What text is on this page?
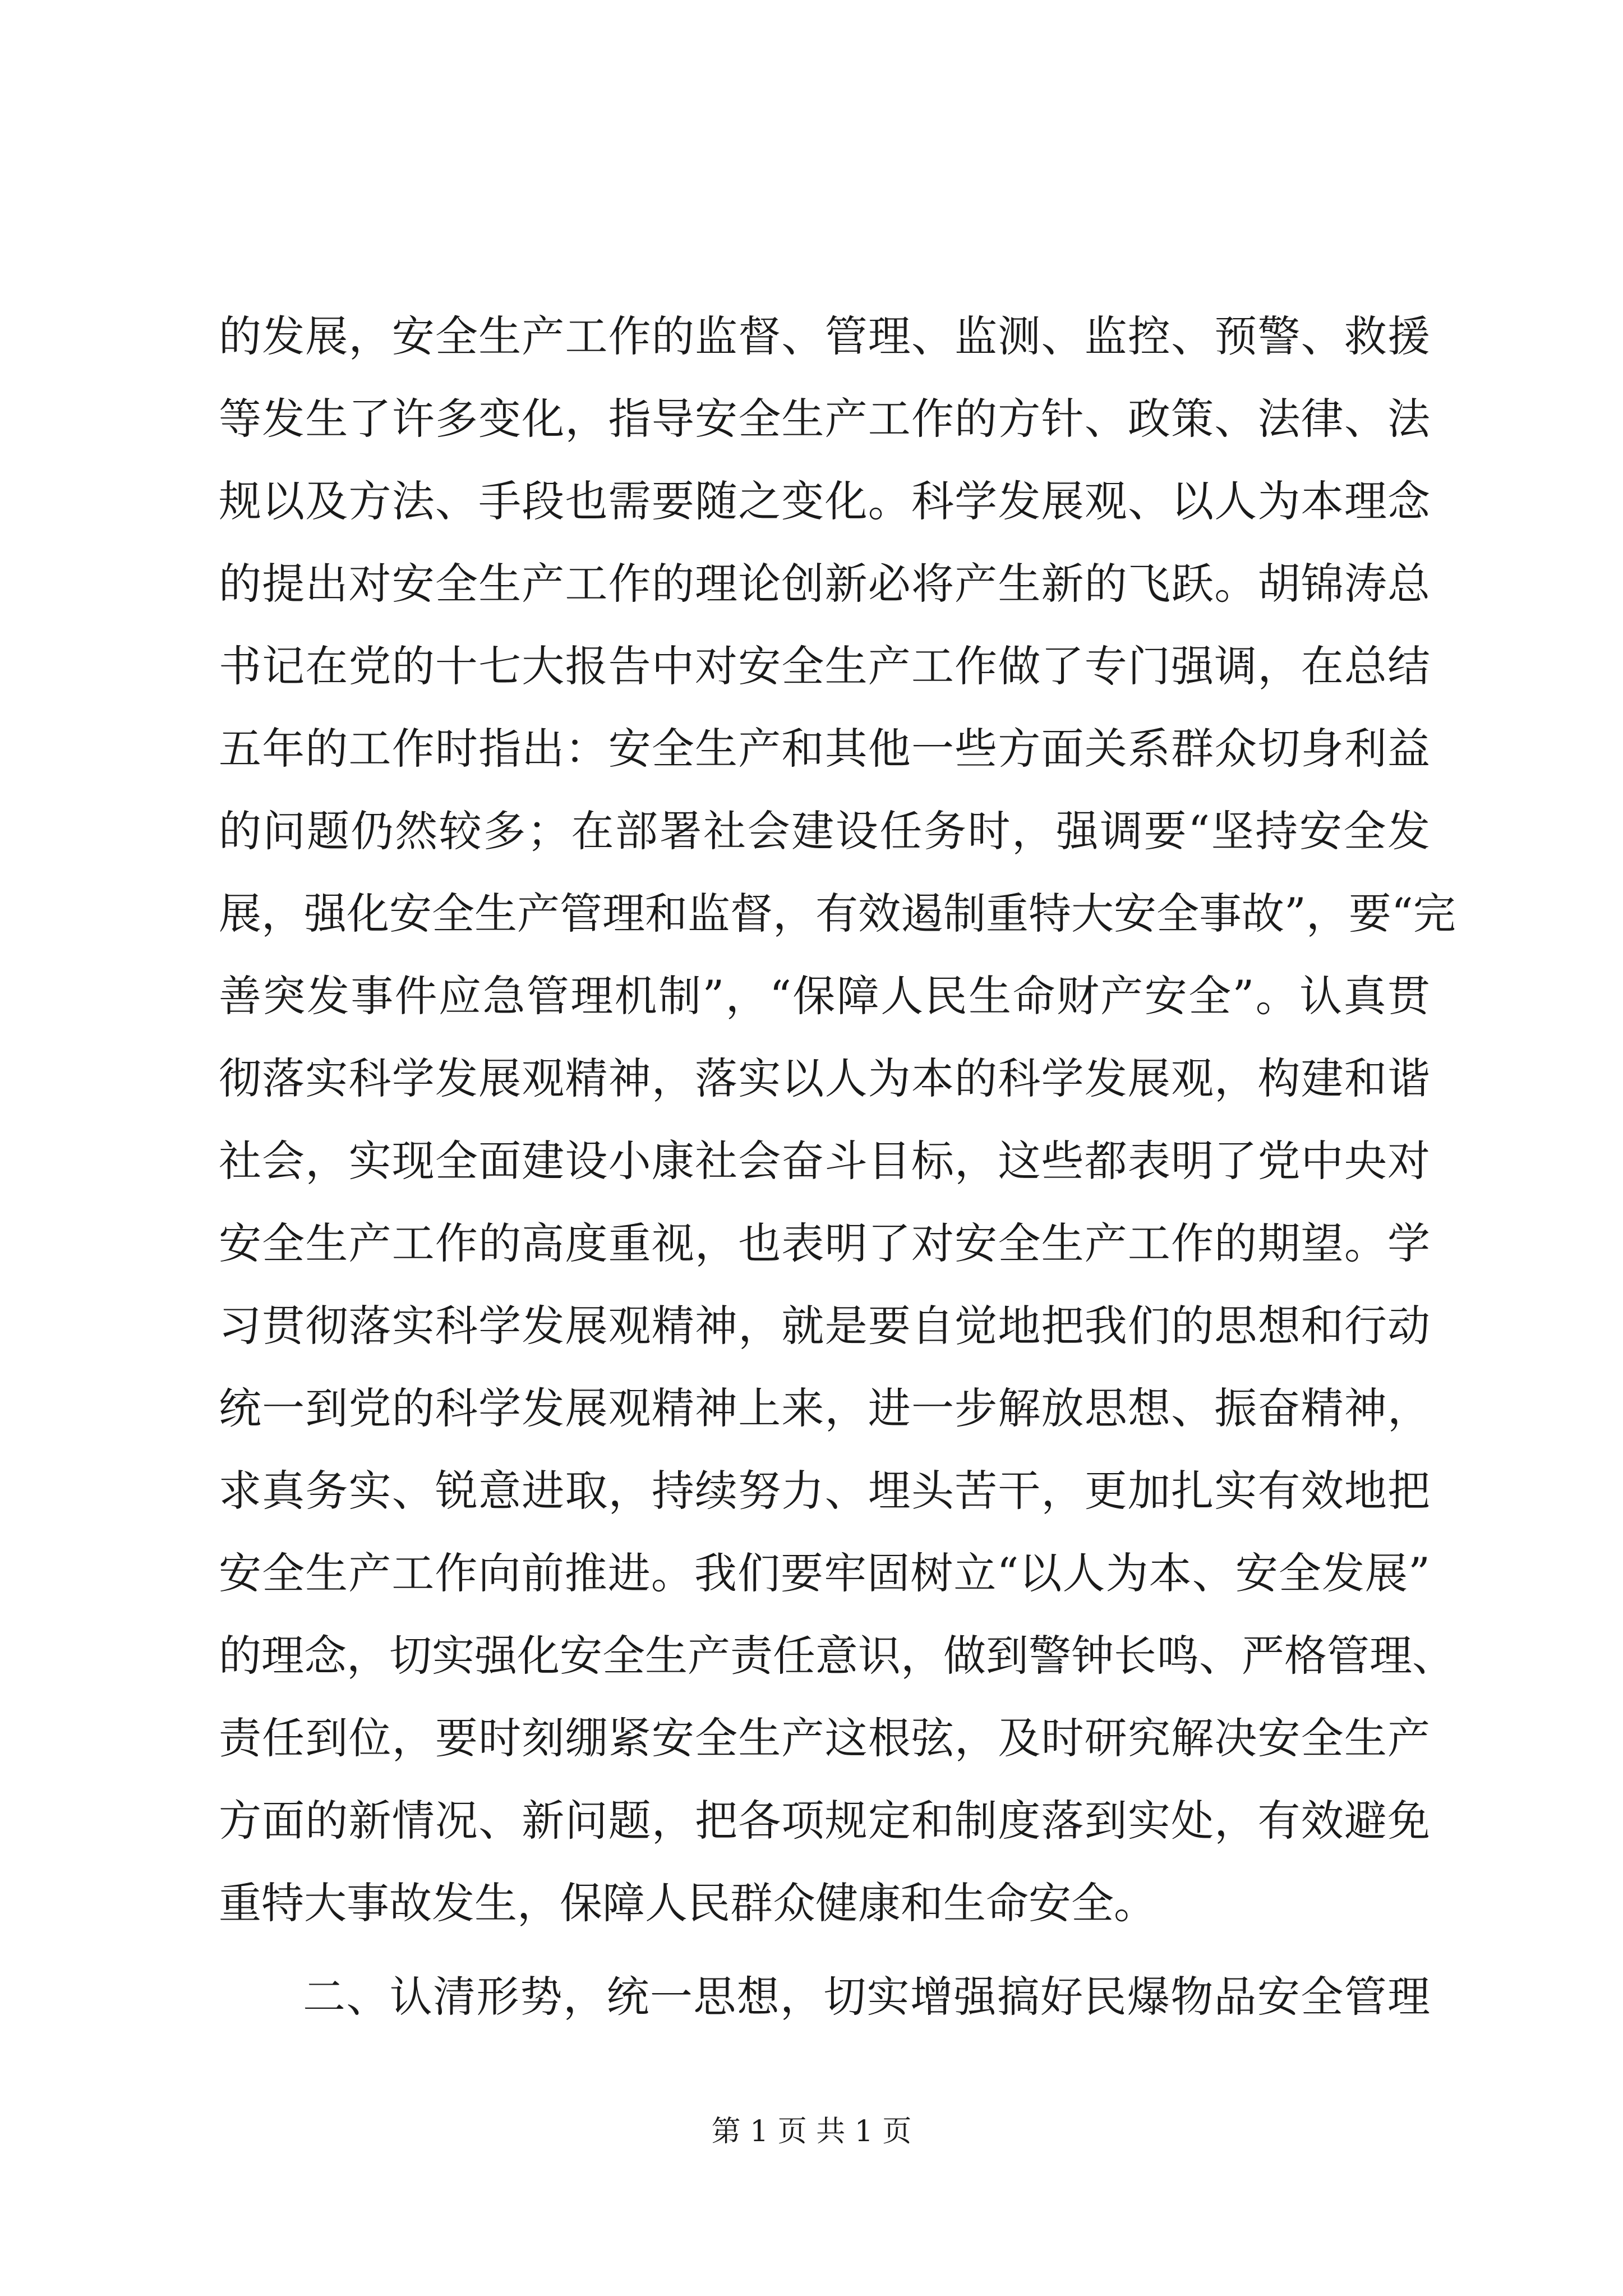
的发展，安全生产工作的监督、管理、监测、监控、预警、救援
等发生了许多变化，指导安全生产工作的方针、政策、法律、法
规以及方法、手段也需要随之变化。科学发展观、以人为本理念
的提出对安全生产工作的理论创新必将产生新的飞跃。胡锦涛总
书记在党的十七大报告中对安全生产工作做了专门强调，在总结
五年的工作时指出：安全生产和其他一些方面关系群众切身利益
的问题仍然较多；在部署社会建设任务时，强调要“坚持安全发
展，强化安全生产管理和监督，有效遏制重特大安全事故”，要“完
善突发事件应急管理机制”，“保障人民生命财产安全”。认真贯
彻落实科学发展观精神，落实以人为本的科学发展观，构建和谐
社会，实现全面建设小康社会奋斗目标，这些都表明了党中央对
安全生产工作的高度重视，也表明了对安全生产工作的期望。学
习贯彻落实科学发展观精神，就是要自觉地把我们的思想和行动
统一到党的科学发展观精神上来，进一步解放思想、振奋精神，
求真务实、锐意进取，持续努力、埋头苦干，更加扎实有效地把
安全生产工作向前推进。我们要牢固树立“以人为本、安全发展”
的理念，切实强化安全生产责任意识，做到警钟长鸣、严格管理、
责任到位，要时刻绷紧安全生产这根弦，及时研究解决安全生产
方面的新情况、新问题，把各项规定和制度落到实处，有效避免
重特大事故发生，保障人民群众健康和生命安全。
二、认清形势，统一思想，切实增强搞好民爆物品安全管理
第 1 页 共 1 页
